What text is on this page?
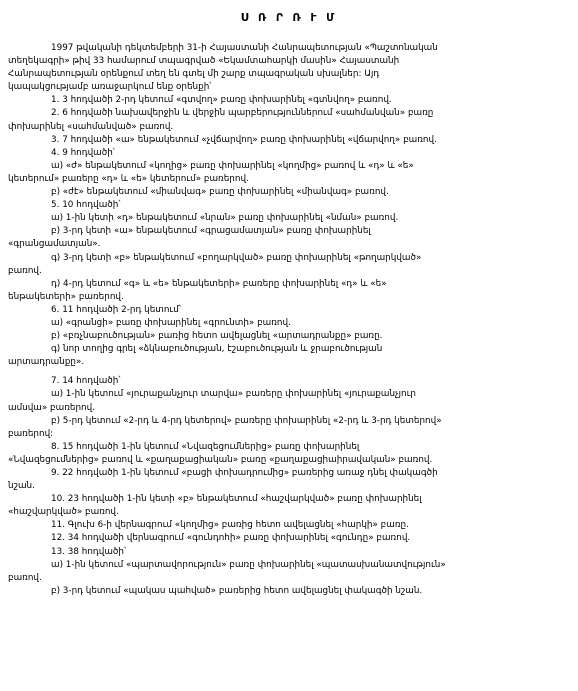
Ս Ռ Ր Ռ Ւ Մ
1997 թվականի դեկտեմբերի 31-ի Հայաստանի Հանրապետության «Պաշտոնական
տեղեկագրի» թիվ 33 համարում տպագրված «Եկամտահարկի մասին» Հայաստանի
Հանրապետության օրենքում տեղ են գտել մի շարք տպագրական սխալներ: Այդ
կապակցությամբ առաջարկում ենք օրենքի՝
1. 3 հոդվածի 2-րդ կետում «գտվող» բառը փոխարինել «գտնվող» բառով.
2. 6 հոդվածի նախավերջին և վերջին պարբերություններում «սահմանվան» բառը
փոխարինել «սահմանված» բառով.
3. 7 հոդվածի «ա» ենթակետում «չվճարվող» բառը փոխարինել «վճարվող» բառով.
4. 9 հոդվածի՝
ա) «ժ» ենթակետում «կողից» բառը փոխարինել «կողմից» բառով և «դ» և «ե»
կետերում» բառերը «դ» և «ե» կետերում» բառերով.
բ) «ժէ» ենթակետում «միանվագ» բառը փոխարինել «միանվագ» բառով.
5. 10 հոդվածի՝
ա) 1-ին կետի «դ» ենթակետում «նրան» բառը փոխարինել «նման» բառով.
բ) 3-րդ կետի «ա» ենթակետում «գրացամատյան» բառը փոխարինել
«գրանցամատյան».
գ) 3-րդ կետի «բ» ենթակետում «բողարկված» բառը փոխարինել «թողարկված»
բառով.
դ) 4-րդ կետում «գ» և «ե» ենթակետերի» բառերը փոխարինել «դ» և «ե»
ենթակետերի» բառերով.
6. 11 հոդվածի 2-րդ կետում՝
ա) «գրանցի» բառը փոխարինել «գրունտի» բառով.
բ) «բռչնաբուծության» բառից հետո ավելացնել «արտադրանքը» բառը.
գ) նոր տողից գրել «ձկնաբուծության, էշաբուծության և ջրաբուծության
արտադրանքը».
7. 14 հոդվածի՝
ա) 1-ին կետում «յուրաքանչյուր տարվա» բառերը փոխարինել «յուրաքանչյուր
ամսվա» բառերով.
բ) 5-րդ կետում «2-րդ և 4-րդ կետերով» բառերը փոխարինել «2-րդ և 3-րդ կետերով»
բառերով:
8. 15 հոդվածի 1-ին կետում «Նվազեցումներից» բառը փոխարինել
«Նվազեցումներից» բառով և «քաղաքացիական» բառը «քաղաքացիաիրավական» բառով.
9. 22 հոդվածի 1-ին կետում «բացի փոխադրումից» բառերից առաջ դնել փակագծի
նշան.
10. 23 հոդվածի 1-ին կետի «բ» ենթակետում «հաշվարկված» բառը փոխարինել
«հաշվարկված» բառով.
11. Գլուխ 6-ի վերնագրում «կողմից» բառից հետո ավելացնել «հարկի» բառը.
12. 34 հոդվածի վերնագրում «գունդոհի» բառը փոխարինել «գունդը» բառով.
13. 38 հոդվածի՝
ա) 1-ին կետում «պարտավորություն» բառը փոխարինել «պատասխանատվություն»
բառով.
բ) 3-րդ կետում «պակաս պահված» բառերից հետո ավելացնել փակագծի նշան.
